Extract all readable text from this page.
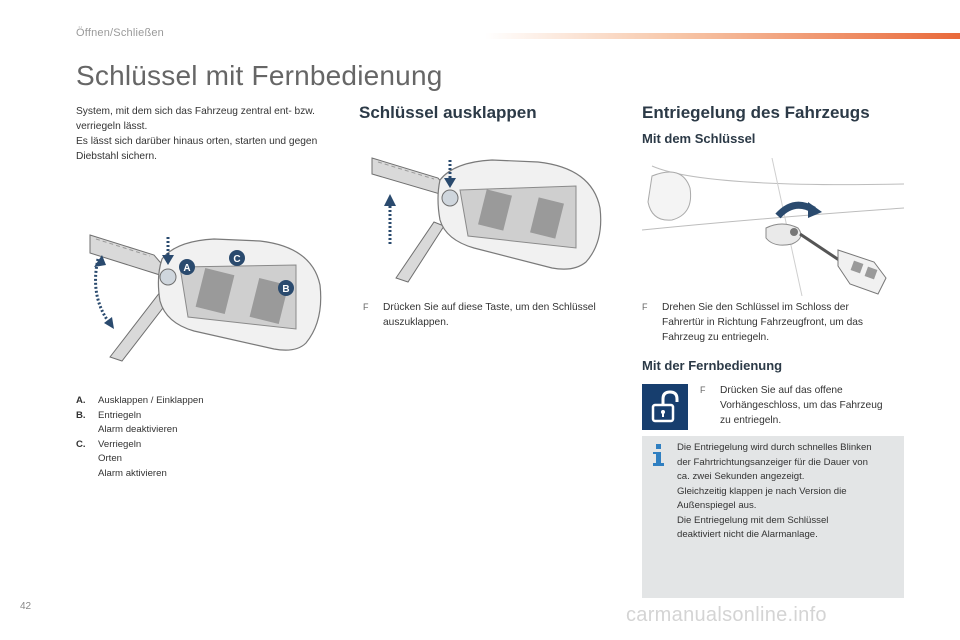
Öffnen/Schließen
Schlüssel mit Fernbedienung
System, mit dem sich das Fahrzeug zentral ent- bzw.
verriegeln lässt.
Es lässt sich darüber hinaus orten, starten und gegen
Diebstahl sichern.
A
C
B
A. Ausklappen / Einklappen
B. Entriegeln
Alarm deaktivieren
C. Verriegeln
Orten
Alarm aktivieren
Schlüssel ausklappen
F Drücken Sie auf diese Taste, um den Schlüssel
auszuklappen.
Entriegelung des Fahrzeugs
Mit dem Schlüssel
F Drehen Sie den Schlüssel im Schloss der
Fahrertür in Richtung Fahrzeugfront, um das
Fahrzeug zu entriegeln.
Mit der Fernbedienung
F Drücken Sie auf das offene
Vorhängeschloss, um das Fahrzeug
zu entriegeln.
Die Entriegelung wird durch schnelles Blinken
der Fahrtrichtungsanzeiger für die Dauer von
ca. zwei Sekunden angezeigt.
Gleichzeitig klappen je nach Version die
Außenspiegel aus.
Die Entriegelung mit dem Schlüssel
deaktiviert nicht die Alarmanlage.
42	carmanualsonline.info
